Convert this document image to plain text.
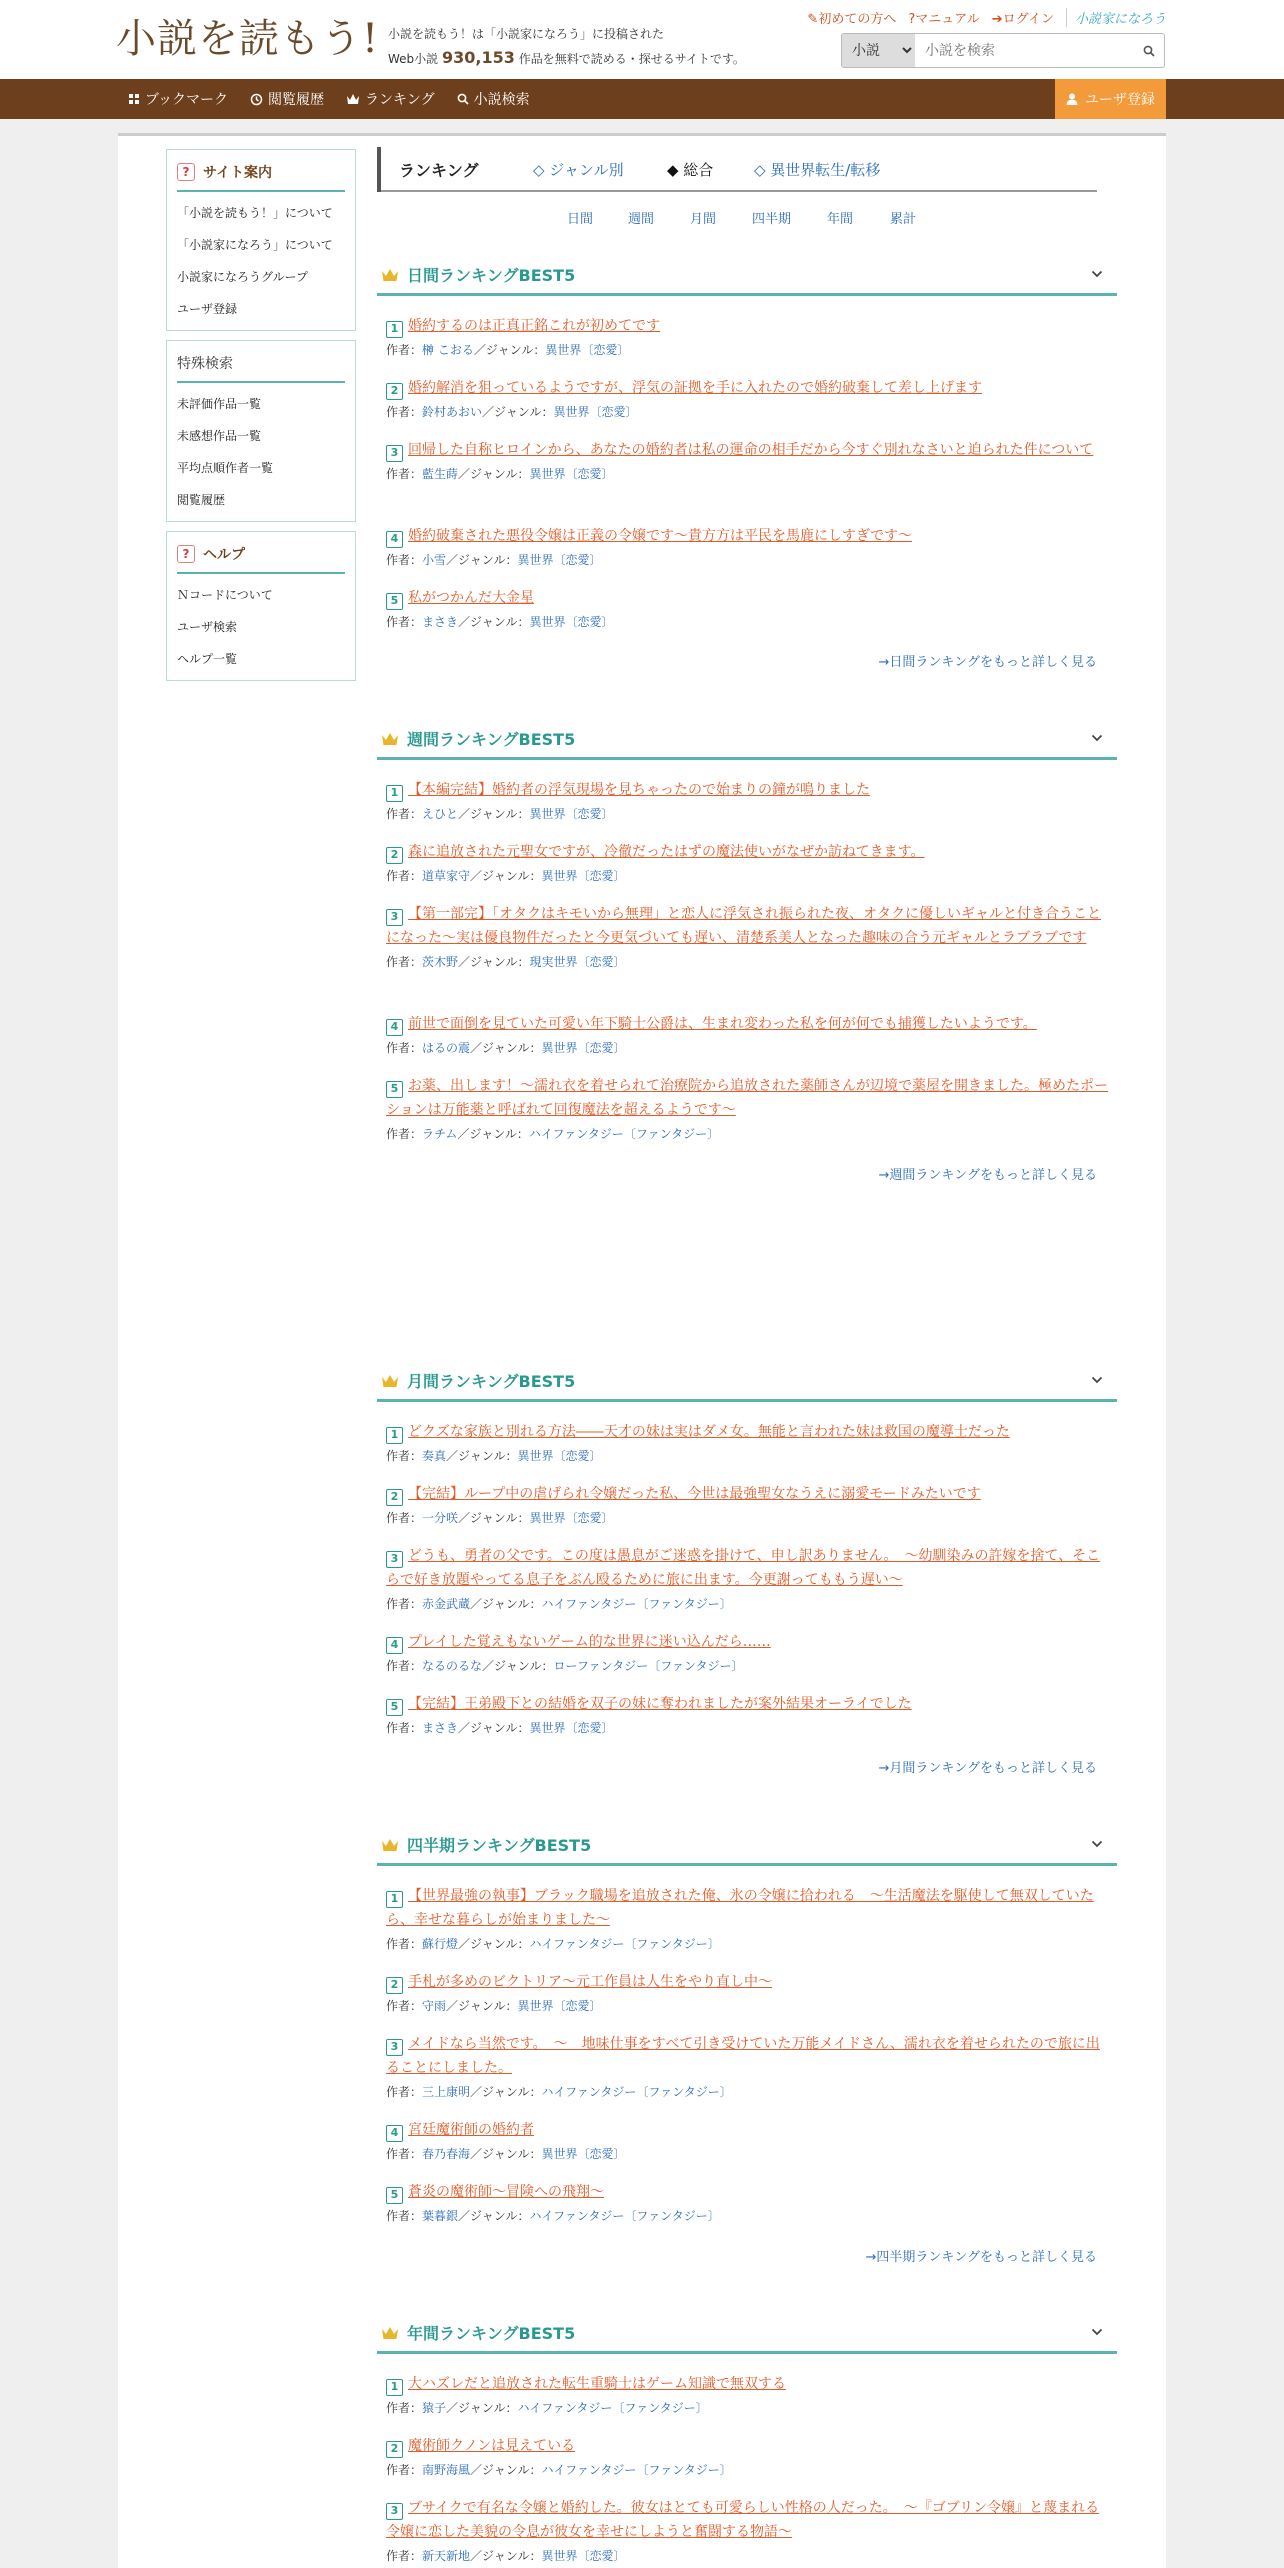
小説を読もう! 小説を読もう！は「小説家になろう」に投稿された
Web小説 930,153 作品を無料で読める・探せるサイトです。
✎初めての方へ ?マニュアル ➔ログイン	小説家になろう
小説
小説を検索
ブックマーク	閲覧履歴	ランキング	小説検索	ユーザ登録
? サイト案内
「小説を読もう！」について
「小説家になろう」について
小説家になろうグループ
ユーザ登録
特殊検索
未評価作品一覧
未感想作品一覧
平均点順作者一覧
閲覧履歴
? ヘルプ
Ｎコードについて
ユーザ検索
ヘルプ一覧
ランキング	◇ ジャンル別	◆ 総合	◇ 異世界転生/転移
日間	週間	月間	四半期	年間	累計
日間ランキングBEST5
1 婚約するのは正真正銘これが初めてです
作者：榊 こおる／ジャンル：異世界〔恋愛〕
2 婚約解消を狙っているようですが、浮気の証拠を手に入れたので婚約破棄して差し上げます
作者：鈴村あおい／ジャンル：異世界〔恋愛〕
3 回帰した自称ヒロインから、あなたの婚約者は私の運命の相手だから今すぐ別れなさいと迫られた件について
作者：藍生蒔／ジャンル：異世界〔恋愛〕
4 婚約破棄された悪役令嬢は正義の令嬢です〜貴方方は平民を馬鹿にしすぎです〜
作者：小雪／ジャンル：異世界〔恋愛〕
5 私がつかんだ大金星
作者：まさき／ジャンル：異世界〔恋愛〕
→日間ランキングをもっと詳しく見る
週間ランキングBEST5
1 【本編完結】婚約者の浮気現場を見ちゃったので始まりの鐘が鳴りました
作者：えひと／ジャンル：異世界〔恋愛〕
2 森に追放された元聖女ですが、冷徹だったはずの魔法使いがなぜか訪ねてきます。
作者：道草家守／ジャンル：異世界〔恋愛〕
3 【第一部完】「オタクはキモいから無理」と恋人に浮気され振られた夜、オタクに優しいギャルと付き合うことになった〜実は優良物件だったと今更気づいても遅い、清楚系美人となった趣味の合う元ギャルとラブラブです
作者：茨木野／ジャンル：現実世界〔恋愛〕
4 前世で面倒を見ていた可愛い年下騎士公爵は、生まれ変わった私を何が何でも捕獲したいようです。
作者：はるの震／ジャンル：異世界〔恋愛〕
5 お薬、出します！〜濡れ衣を着せられて治療院から追放された薬師さんが辺境で薬屋を開きました。極めたポーションは万能薬と呼ばれて回復魔法を超えるようです〜
作者：ラチム／ジャンル：ハイファンタジー〔ファンタジー〕
→週間ランキングをもっと詳しく見る
月間ランキングBEST5
1 どクズな家族と別れる方法――天才の妹は実はダメ女。無能と言われた妹は救国の魔導士だった
作者：奏真／ジャンル：異世界〔恋愛〕
2 【完結】ループ中の虐げられ令嬢だった私、今世は最強聖女なうえに溺愛モードみたいです
作者：一分咲／ジャンル：異世界〔恋愛〕
3 どうも、勇者の父です。この度は愚息がご迷惑を掛けて、申し訳ありません。　〜幼馴染みの許嫁を捨て、そこらで好き放題やってる息子をぶん殴るために旅に出ます。今更謝ってももう遅い〜
作者：赤金武蔵／ジャンル：ハイファンタジー〔ファンタジー〕
4 プレイした覚えもないゲーム的な世界に迷い込んだら……
作者：なるのるな／ジャンル：ローファンタジー〔ファンタジー〕
5 【完結】王弟殿下との結婚を双子の妹に奪われましたが案外結果オーライでした
作者：まさき／ジャンル：異世界〔恋愛〕
→月間ランキングをもっと詳しく見る
四半期ランキングBEST5
1 【世界最強の執事】ブラック職場を追放された俺、氷の令嬢に拾われる　〜生活魔法を駆使して無双していたら、幸せな暮らしが始まりました〜
作者：蘇行燈／ジャンル：ハイファンタジー〔ファンタジー〕
2 手札が多めのビクトリア〜元工作員は人生をやり直し中〜
作者：守雨／ジャンル：異世界〔恋愛〕
3 メイドなら当然です。　〜　地味仕事をすべて引き受けていた万能メイドさん、濡れ衣を着せられたので旅に出ることにしました。
作者：三上康明／ジャンル：ハイファンタジー〔ファンタジー〕
4 宮廷魔術師の婚約者
作者：春乃春海／ジャンル：異世界〔恋愛〕
5 蒼炎の魔術師〜冒険への飛翔〜
作者：葉暮銀／ジャンル：ハイファンタジー〔ファンタジー〕
→四半期ランキングをもっと詳しく見る
年間ランキングBEST5
1 大ハズレだと追放された転生重騎士はゲーム知識で無双する
作者：猿子／ジャンル：ハイファンタジー〔ファンタジー〕
2 魔術師クノンは見えている
作者：南野海風／ジャンル：ハイファンタジー〔ファンタジー〕
3 ブサイクで有名な令嬢と婚約した。彼女はとても可愛らしい性格の人だった。　〜『ゴブリン令嬢』と蔑まれる令嬢に恋した美貌の令息が彼女を幸せにしようと奮闘する物語〜
作者：新天新地／ジャンル：異世界〔恋愛〕
